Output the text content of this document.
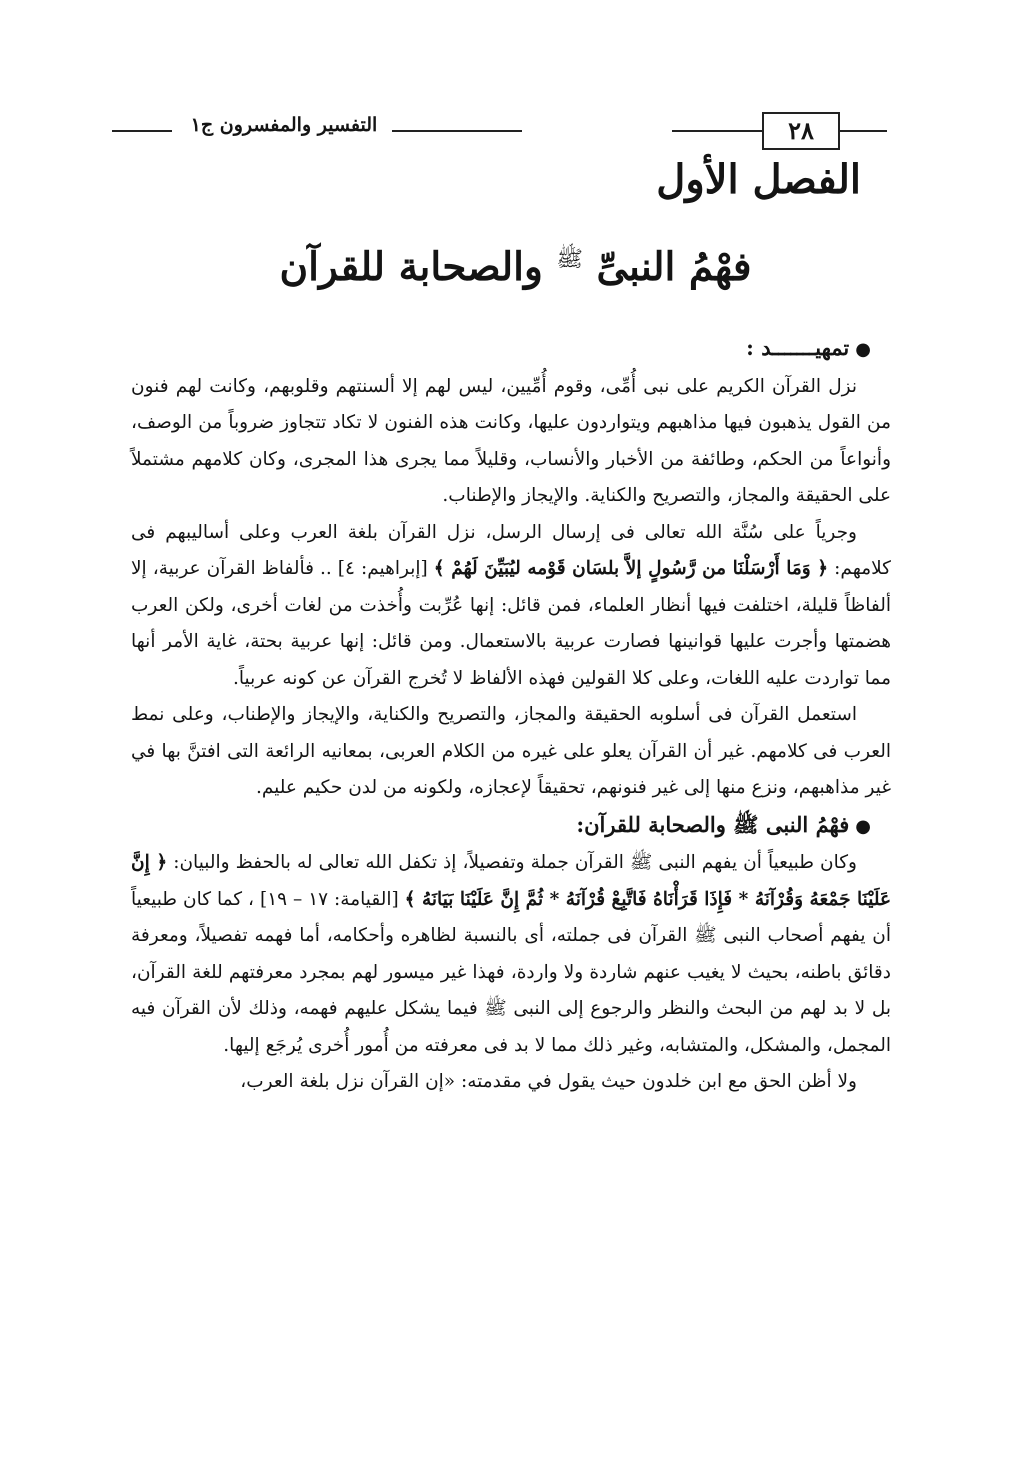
٢٨
التفسير والمفسرون ج١
الفصل الأول
فهْمُ النبىِّ $^ﷺ$ والصحابة للقرآن
●تمهيـــــــد :

نزل القرآن الكريم على نبى أُمِّى، وقوم أُمِّيين، ليس لهم إلا ألسنتهم وقلوبهم، وكانت لهم فنون من القول يذهبون فيها مذاهبهم ويتواردون عليها، وكانت هذه الفنون لا تكاد تتجاوز ضروباً من الوصف، وأنواعاً من الحكم، وطائفة من الأخبار والأنساب، وقليلاً مما يجرى هذا المجرى، وكان كلامهم مشتملاً على الحقيقة والمجاز، والتصريح والكناية. والإيجاز والإطناب.

وجرياً على سُنَّة الله تعالى فى إرسال الرسل، نزل القرآن بلغة العرب وعلى أساليبهم فى كلامهم: ﴿ وَمَا أَرْسَلْنَا من رَّسُولٍ إلاَّ بلسَان قَوْمه ليُبَيِّنَ لَهُمْ ﴾ [إبراهيم: ٤] .. فألفاظ القرآن عربية، إلا ألفاظاً قليلة، اختلفت فيها أنظار العلماء، فمن قائل: إنها عُرِّبت وأُخذت من لغات أخرى، ولكن العرب هضمتها وأجرت عليها قوانينها فصارت عربية بالاستعمال. ومن قائل: إنها عربية بحتة، غاية الأمر أنها مما تواردت عليه اللغات، وعلى كلا القولين فهذه الألفاظ لا تُخرج القرآن عن كونه عربياً.

استعمل القرآن فى أسلوبه الحقيقة والمجاز، والتصريح والكناية، والإيجاز والإطناب، وعلى نمط العرب فى كلامهم. غير أن القرآن يعلو على غيره من الكلام العربى، بمعانيه الرائعة التى افتنَّ بها في غير مذاهبهم، ونزع منها إلى غير فنونهم، تحقيقاً لإعجازه، ولكونه من لدن حكيم عليم.

●فهْمُ النبى ﷺ والصحابة للقرآن:

وكان طبيعياً أن يفهم النبى ﷺ القرآن جملة وتفصيلاً، إذ تكفل الله تعالى له بالحفظ والبيان: ﴿ إِنَّ عَلَيْنَا جَمْعَهُ وَقُرْآنَهُ * فَإِذَا قَرَأْنَاهُ فَاتَّبِعْ قُرْآنَهُ * ثُمَّ إِنَّ عَلَيْنَا بَيَانَهُ ﴾ [القيامة: ١٧ – ١٩] ، كما كان طبيعياً أن يفهم أصحاب النبى ﷺ القرآن فى جملته، أى بالنسبة لظاهره وأحكامه، أما فهمه تفصيلاً، ومعرفة دقائق باطنه، بحيث لا يغيب عنهم شاردة ولا واردة، فهذا غير ميسور لهم بمجرد معرفتهم للغة القرآن، بل لا بد لهم من البحث والنظر والرجوع إلى النبى ﷺ فيما يشكل عليهم فهمه، وذلك لأن القرآن فيه المجمل، والمشكل، والمتشابه، وغير ذلك مما لا بد فى معرفته من أُمور أُخرى يُرجَع إليها.

ولا أظن الحق مع ابن خلدون حيث يقول في مقدمته: «إن القرآن نزل بلغة العرب،
